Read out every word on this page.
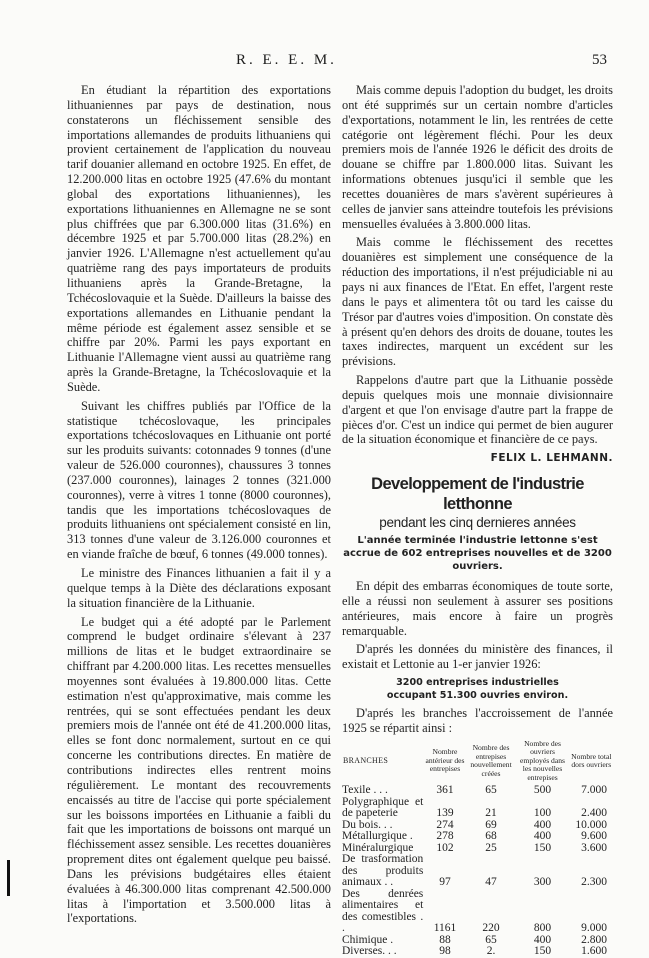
R. E. E. M.	53

En étudiant la répartition des exportations lithuaniennes par pays de destination, nous constaterons un fléchissement sensible des importations allemandes de produits lithuaniens qui provient certainement de l'application du nouveau tarif douanier allemand en octobre 1925. En effet, de 12.200.000 litas en octobre 1925 (47.6% du montant global des exportations lithuaniennes), les exportations lithuaniennes en Allemagne ne se sont plus chiffrées que par 6.300.000 litas (31.6%) en décembre 1925 et par 5.700.000 litas (28.2%) en janvier 1926. L'Allemagne n'est actuellement qu'au quatrième rang des pays importateurs de produits lithuaniens après la Grande-Bretagne, la Tchécoslovaquie et la Suède. D'ailleurs la baisse des exportations allemandes en Lithuanie pendant la même période est également assez sensible et se chiffre par 20%. Parmi les pays exportant en Lithuanie l'Allemagne vient aussi au quatrième rang après la Grande-Bretagne, la Tchécoslovaquie et la Suède.

Suivant les chiffres publiés par l'Office de la statistique tchécoslovaque, les principales exportations tchécoslovaques en Lithuanie ont porté sur les produits suivants: cotonnades 9 tonnes (d'une valeur de 526.000 couronnes), chaussures 3 tonnes (237.000 couronnes), lainages 2 tonnes (321.000 couronnes), verre à vitres 1 tonne (8000 couronnes), tandis que les importations tchécoslovaques de produits lithuaniens ont spécialement consisté en lin, 313 tonnes d'une valeur de 3.126.000 couronnes et en viande fraîche de bœuf, 6 tonnes (49.000 tonnes).

Le ministre des Finances lithuanien a fait il y a quelque temps à la Diète des déclarations exposant la situation financière de la Lithuanie.

Le budget qui a été adopté par le Parlement comprend le budget ordinaire s'élevant à 237 millions de litas et le budget extraordinaire se chiffrant par 4.200.000 litas. Les recettes mensuelles moyennes sont évaluées à 19.800.000 litas. Cette estimation n'est qu'approximative, mais comme les rentrées, qui se sont effectuées pendant les deux premiers mois de l'année ont été de 41.200.000 litas, elles se font donc normalement, surtout en ce qui concerne les contributions directes. En matière de contributions indirectes elles rentrent moins régulièrement. Le montant des recouvrements encaissés au titre de l'accise qui porte spécialement sur les boissons importées en Lithuanie a faibli du fait que les importations de boissons ont marqué un fléchissement assez sensible. Les recettes douanières proprement dites ont également quelque peu baissé. Dans les prévisions budgétaires elles étaient évaluées à 46.300.000 litas comprenant 42.500.000 litas à l'importation et 3.500.000 litas à l'exportations.

Mais comme depuis l'adoption du budget, les droits ont été supprimés sur un certain nombre d'articles d'exportations, notamment le lin, les rentrées de cette catégorie ont légèrement fléchi. Pour les deux premiers mois de l'année 1926 le déficit des droits de douane se chiffre par 1.800.000 litas. Suivant les informations obtenues jusqu'ici il semble que les recettes douanières de mars s'avèrent supérieures à celles de janvier sans atteindre toutefois les prévisions mensuelles évaluées à 3.800.000 litas.

Mais comme le fléchissement des recettes douanières est simplement une conséquence de la réduction des importations, il n'est préjudiciable ni au pays ni aux finances de l'Etat. En effet, l'argent reste dans le pays et alimentera tôt ou tard les caisse du Trésor par d'autres voies d'imposition. On constate dès à présent qu'en dehors des droits de douane, toutes les taxes indirectes, marquent un excédent sur les prévisions.

Rappelons d'autre part que la Lithuanie possède depuis quelques mois une monnaie divisionnaire d'argent et que l'on envisage d'autre part la frappe de pièces d'or. C'est un indice qui permet de bien augurer de la situation économique et financière de ce pays.

FELIX L. LEHMANN.
Developpement de l'industrie letthonne
pendant les cinq dernieres années
L'année terminée l'industrie lettonne s'est accrue de 602 entreprises nouvelles et de 3200 ouvriers.

En dépit des embarras économiques de toute sorte, elle a réussi non seulement à assurer ses positions antérieures, mais encore à faire un progrès remarquable.

D'aprés les données du ministère des finances, il existait et Lettonie au 1-er janvier 1926:

3200 entreprises industrielles
occupant 51.300 ouvries environ.

D'aprés les branches l'accroissement de l'année 1925 se répartit ainsi :

BRANCHES	Nombre antérieur des entrepises	Nombre des entrepises nouvellement créées	Nombre des ouvriers employés dans les nouvelles entrepises	Nombre total dors ouvriers
Texile . . .	361	65	500	7.000
Polygraphique et de papeterie	139	21	100	2.400
Du bois. . .	274	69	400	10.000
Métallurgique .	278	68	400	9.600
Minéralurgique	102	25	150	3.600
De trasformation des produits animaux . .	97	47	300	2.300
Des denrées alimentaires et des comestibles . .	1161	220	800	9.000
Chimique .	88	65	400	2.800
Diverses. . .	98	2.	150	1.600
